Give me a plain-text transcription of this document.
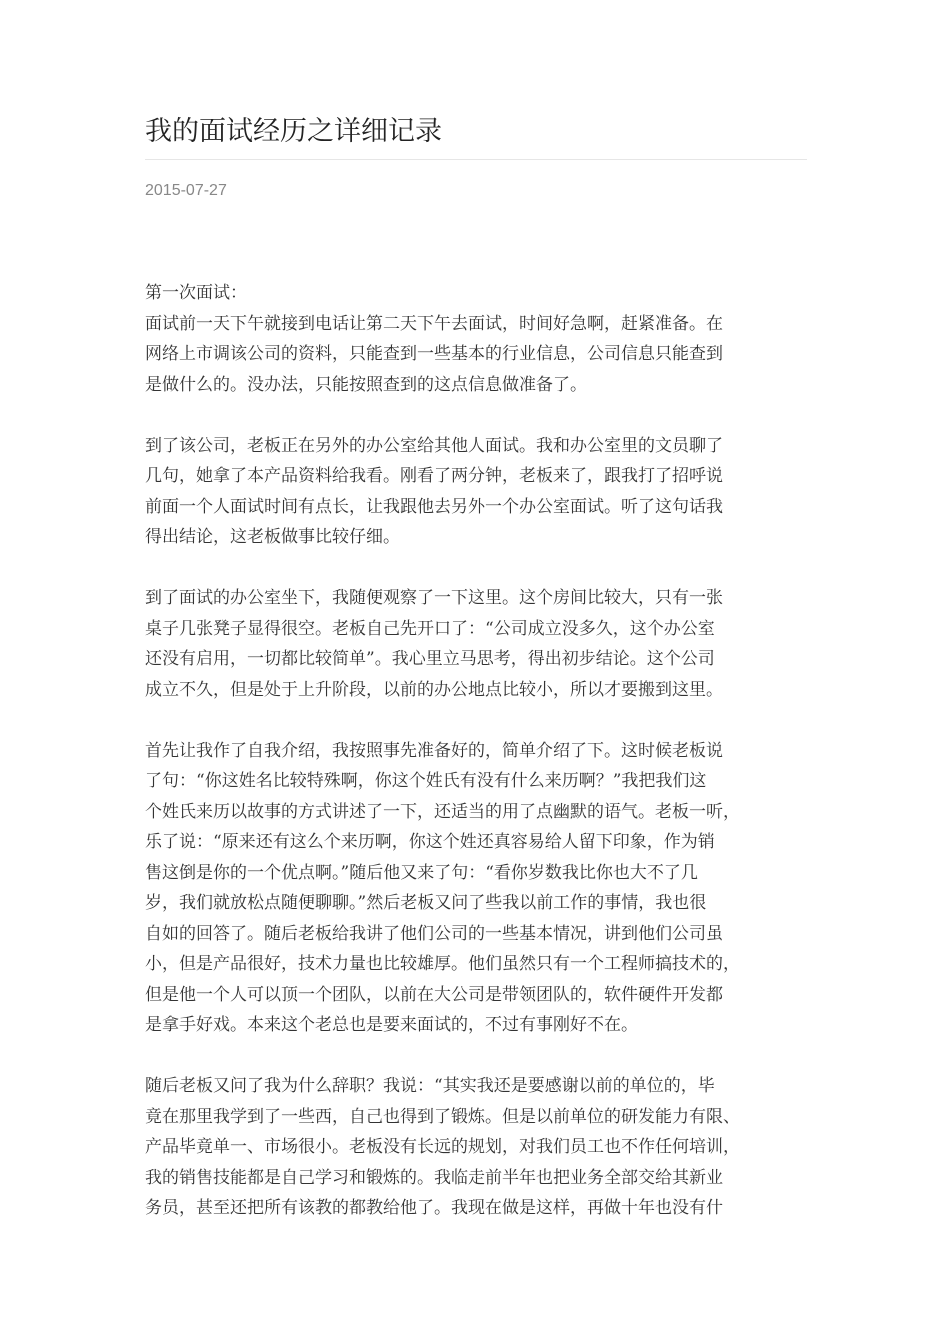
我的面试经历之详细记录
2015-07-27

第一次面试：
面试前一天下午就接到电话让第二天下午去面试，时间好急啊，赶紧准备。在
网络上市调该公司的资料，只能查到一些基本的行业信息，公司信息只能查到
是做什么的。没办法，只能按照查到的这点信息做准备了。

到了该公司，老板正在另外的办公室给其他人面试。我和办公室里的文员聊了
几句，她拿了本产品资料给我看。刚看了两分钟，老板来了，跟我打了招呼说
前面一个人面试时间有点长，让我跟他去另外一个办公室面试。听了这句话我
得出结论，这老板做事比较仔细。

到了面试的办公室坐下，我随便观察了一下这里。这个房间比较大，只有一张
桌子几张凳子显得很空。老板自己先开口了：“公司成立没多久，这个办公室
还没有启用，一切都比较简单”。我心里立马思考，得出初步结论。这个公司
成立不久，但是处于上升阶段，以前的办公地点比较小，所以才要搬到这里。

首先让我作了自我介绍，我按照事先准备好的，简单介绍了下。这时候老板说
了句：“你这姓名比较特殊啊，你这个姓氏有没有什么来历啊？”我把我们这
个姓氏来历以故事的方式讲述了一下，还适当的用了点幽默的语气。老板一听，
乐了说：“原来还有这么个来历啊，你这个姓还真容易给人留下印象，作为销
售这倒是你的一个优点啊。”随后他又来了句：“看你岁数我比你也大不了几
岁，我们就放松点随便聊聊。”然后老板又问了些我以前工作的事情，我也很
自如的回答了。随后老板给我讲了他们公司的一些基本情况，讲到他们公司虽
小，但是产品很好，技术力量也比较雄厚。他们虽然只有一个工程师搞技术的，
但是他一个人可以顶一个团队，以前在大公司是带领团队的，软件硬件开发都
是拿手好戏。本来这个老总也是要来面试的，不过有事刚好不在。

随后老板又问了我为什么辞职？我说：“其实我还是要感谢以前的单位的，毕
竟在那里我学到了一些西，自己也得到了锻炼。但是以前单位的研发能力有限、
产品毕竟单一、市场很小。老板没有长远的规划，对我们员工也不作任何培训，
我的销售技能都是自己学习和锻炼的。我临走前半年也把业务全部交给其新业
务员，甚至还把所有该教的都教给他了。我现在做是这样，再做十年也没有什
